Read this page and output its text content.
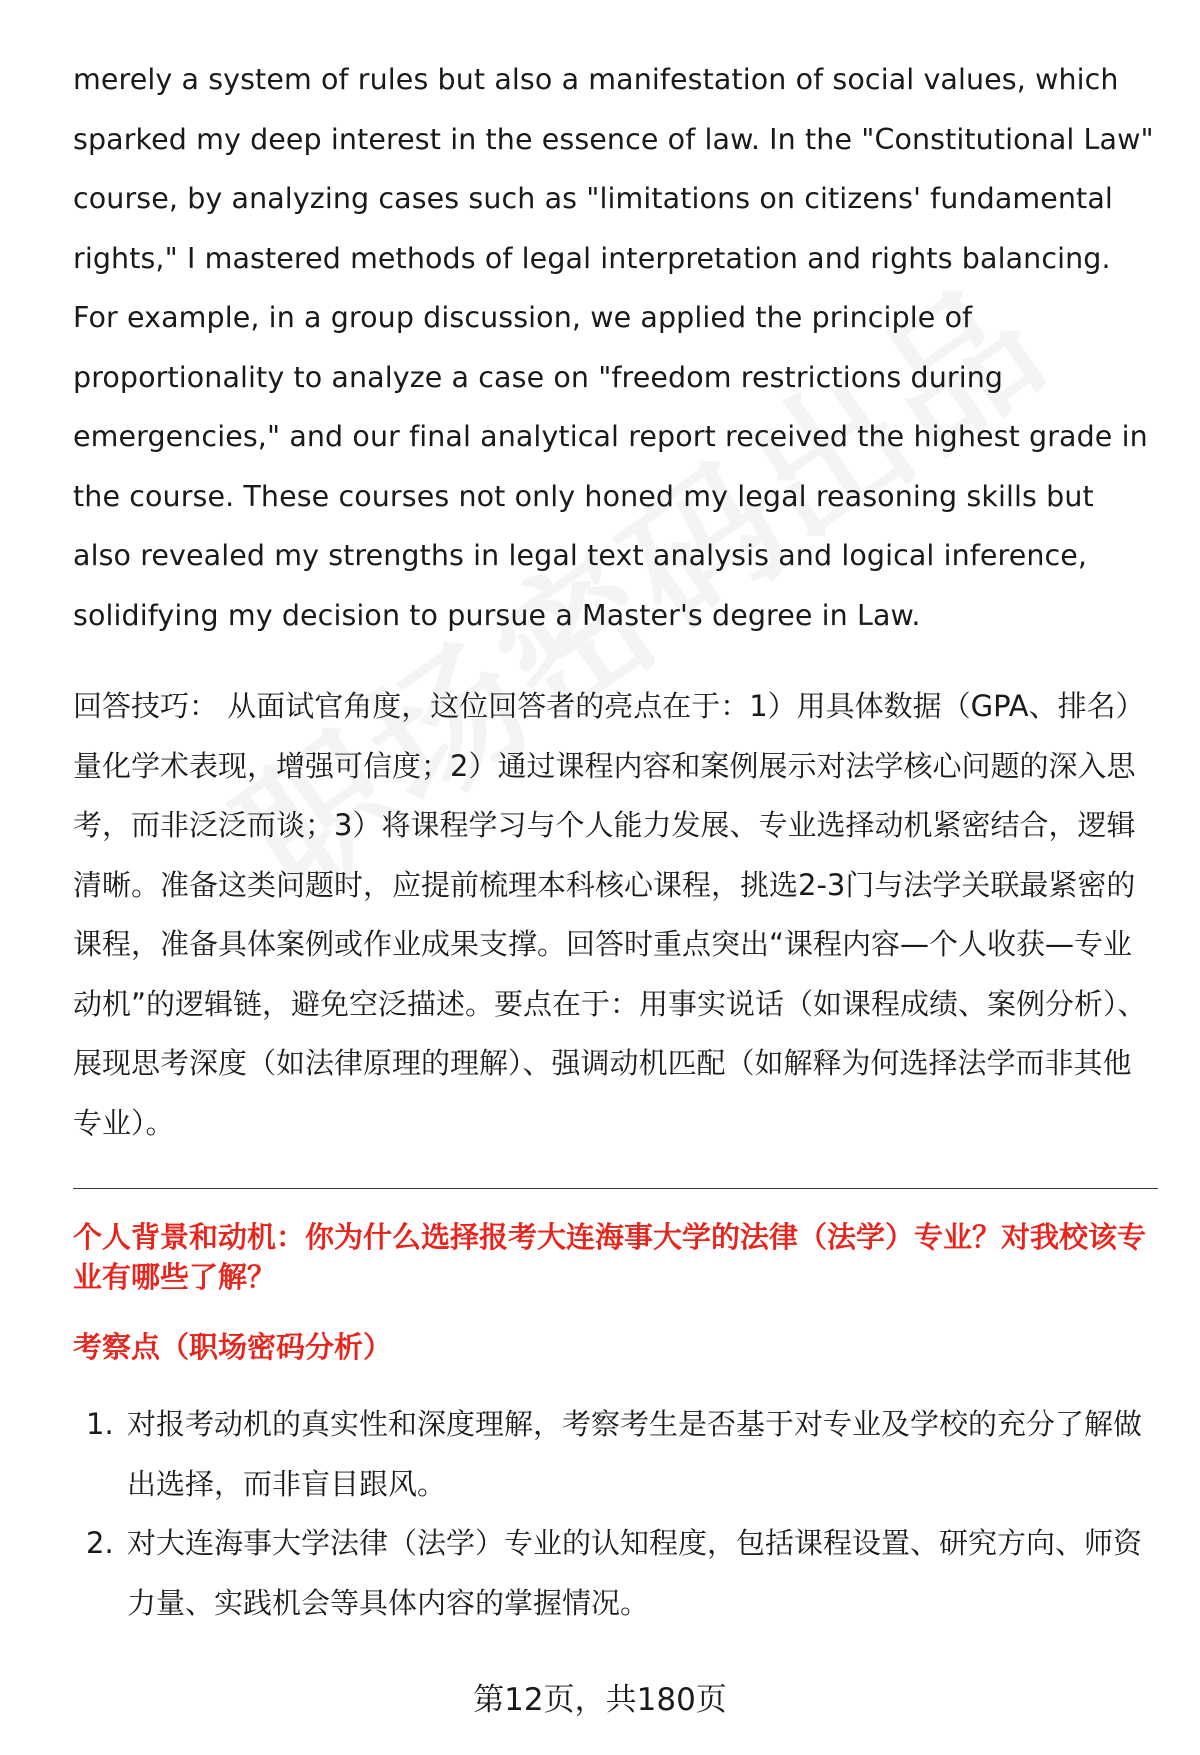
merely a system of rules but also a manifestation of social values, which sparked my deep interest in the essence of law. In the "Constitutional Law" course, by analyzing cases such as "limitations on citizens' fundamental rights," I mastered methods of legal interpretation and rights balancing. For example, in a group discussion, we applied the principle of proportionality to analyze a case on "freedom restrictions during emergencies," and our final analytical report received the highest grade in the course. These courses not only honed my legal reasoning skills but also revealed my strengths in legal text analysis and logical inference, solidifying my decision to pursue a Master's degree in Law.

回答技巧： 从面试官角度，这位回答者的亮点在于：1）用具体数据（GPA、排名）量化学术表现，增强可信度；2）通过课程内容和案例展示对法学核心问题的深入思考，而非泛泛而谈；3）将课程学习与个人能力发展、专业选择动机紧密结合，逻辑清晰。准备这类问题时，应提前梳理本科核心课程，挑选2-3门与法学关联最紧密的课程，准备具体案例或作业成果支撑。回答时重点突出“课程内容—个人收获—专业动机”的逻辑链，避免空泛描述。要点在于：用事实说话（如课程成绩、案例分析）、展现思考深度（如法律原理的理解）、强调动机匹配（如解释为何选择法学而非其他专业）。

个人背景和动机：你为什么选择报考大连海事大学的法律（法学）专业？对我校该专业有哪些了解？

考察点（职场密码分析）

1. 对报考动机的真实性和深度理解，考察考生是否基于对专业及学校的充分了解做出选择，而非盲目跟风。
2. 对大连海事大学法律（法学）专业的认知程度，包括课程设置、研究方向、师资力量、实践机会等具体内容的掌握情况。
第12页，共180页
